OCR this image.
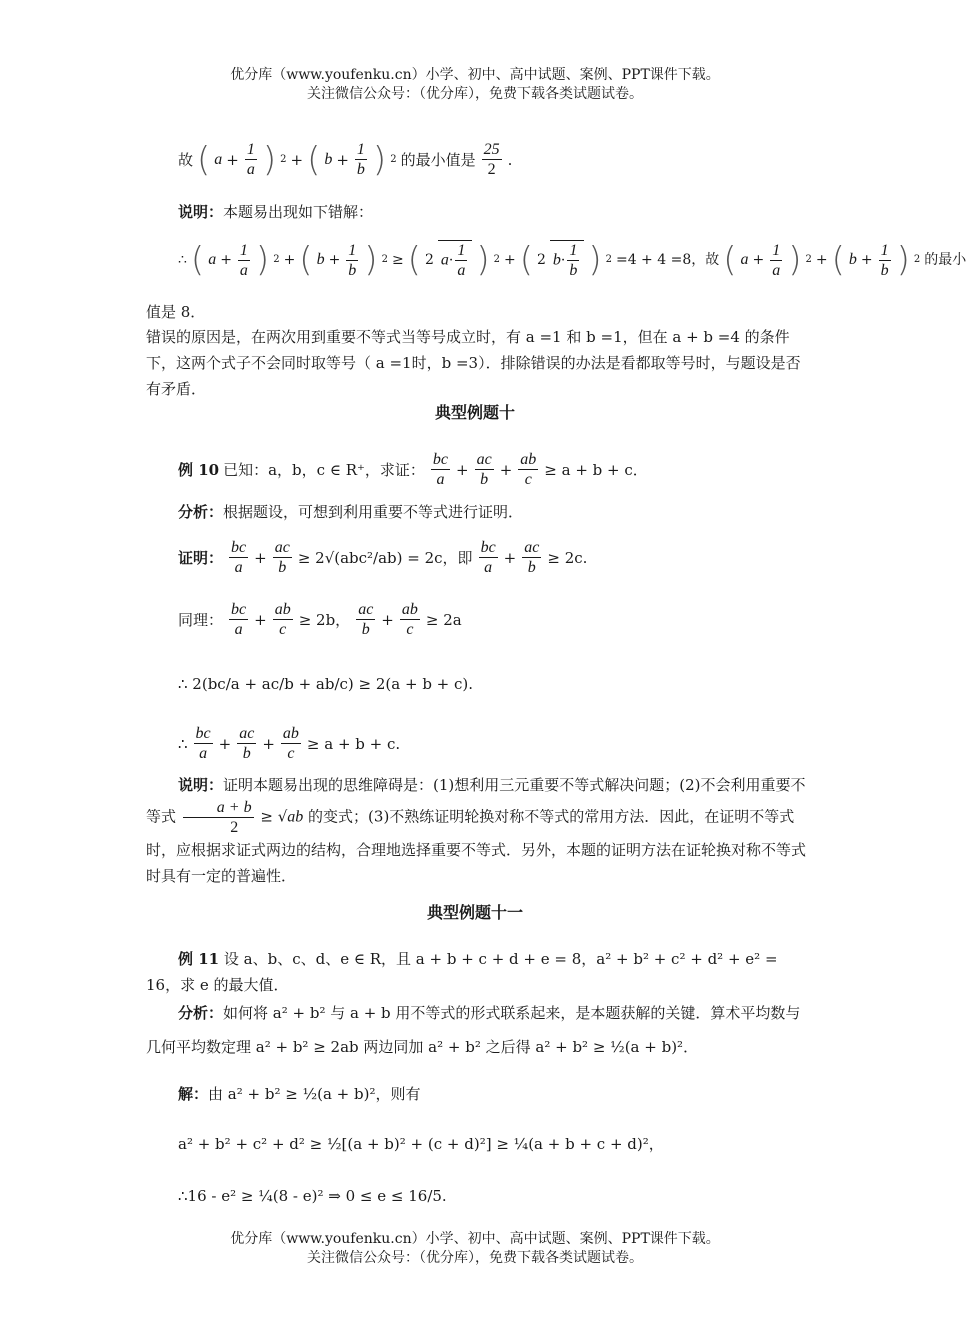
优分库（www.youfenku.cn）小学、初中、高中试题、案例、PPT课件下载。
关注微信公众号：（优分库），免费下载各类试题试卷。
故 ( $a + \frac{1}{a}$ ) 2 + ( $b + \frac{1}{b}$ ) 2 的最小值是 $\frac{25}{2}$ .
说明：本题易出现如下错解：
∴ ( $a + \frac{1}{a}$ ) 2 + ( $b + \frac{1}{b}$ ) 2 ≥ ( 2 $a\cdot \frac{1}{a}$ ) 2 + ( 2 $b\cdot \frac{1}{b}$ ) 2 =4 + 4 =8，故 ( $a + \frac{1}{a}$ ) 2 + ( $b + \frac{1}{b}$ ) 2 的最小
值是 8．
错误的原因是，在两次用到重要不等式当等号成立时，有 a =1 和 b =1，但在 a + b =4 的条件下，这两个式子不会同时取等号（ a =1时，b =3）．排除错误的办法是看都取等号时，与题设是否有矛盾．
典型例题十
例 10 已知：a，b，c ∈ R⁺，求证： $\frac{bc}{a} + \frac{ac}{b} + \frac{ab}{c} \ge a + b + c$．
分析：根据题设，可想到利用重要不等式进行证明．
证明： $\frac{bc}{a} + \frac{ac}{b} \ge 2√(abc^2/ab) = 2c$，即 $\frac{bc}{a} + \frac{ac}{b} \ge 2c$.
同理： $\frac{bc}{a} + \frac{ab}{c} \ge 2b$， $\frac{ac}{b} + \frac{ab}{c} \ge 2a$
∴ 2(bc/a + ac/b + ab/c) ≥ 2(a + b + c).
∴ $\frac{bc}{a} + \frac{ac}{b} + \frac{ab}{c} \ge a + b + c$.
说明：证明本题易出现的思维障碍是：(1)想利用三元重要不等式解决问题；(2)不会利用重要不等式 $\frac{a + b}{2} \ge √ab$ 的变式；(3)不熟练证明轮换对称不等式的常用方法．因此，在证明不等式时，应根据求证式两边的结构，合理地选择重要不等式．另外，本题的证明方法在证轮换对称不等式时具有一定的普遍性．
典型例题十一
例 11 设 a、b、c、d、e ∈ R，且 a + b + c + d + e = 8，a² + b² + c² + d² + e² = 16，求 e 的最大值．
分析：如何将 a² + b² 与 a + b 用不等式的形式联系起来，是本题获解的关键．算术平均数与几何平均数定理 a² + b² ≥ 2ab 两边同加 a² + b² 之后得 a² + b² ≥ ½(a + b)²．
解：由 a² + b² ≥ ½(a + b)²，则有
a² + b² + c² + d² ≥ ½[(a + b)² + (c + d)²] ≥ ¼(a + b + c + d)²，
∴16 - e² ≥ ¼(8 - e)² ⇒ 0 ≤ e ≤ 16/5.
优分库（www.youfenku.cn）小学、初中、高中试题、案例、PPT课件下载。
关注微信公众号：（优分库），免费下载各类试题试卷。
